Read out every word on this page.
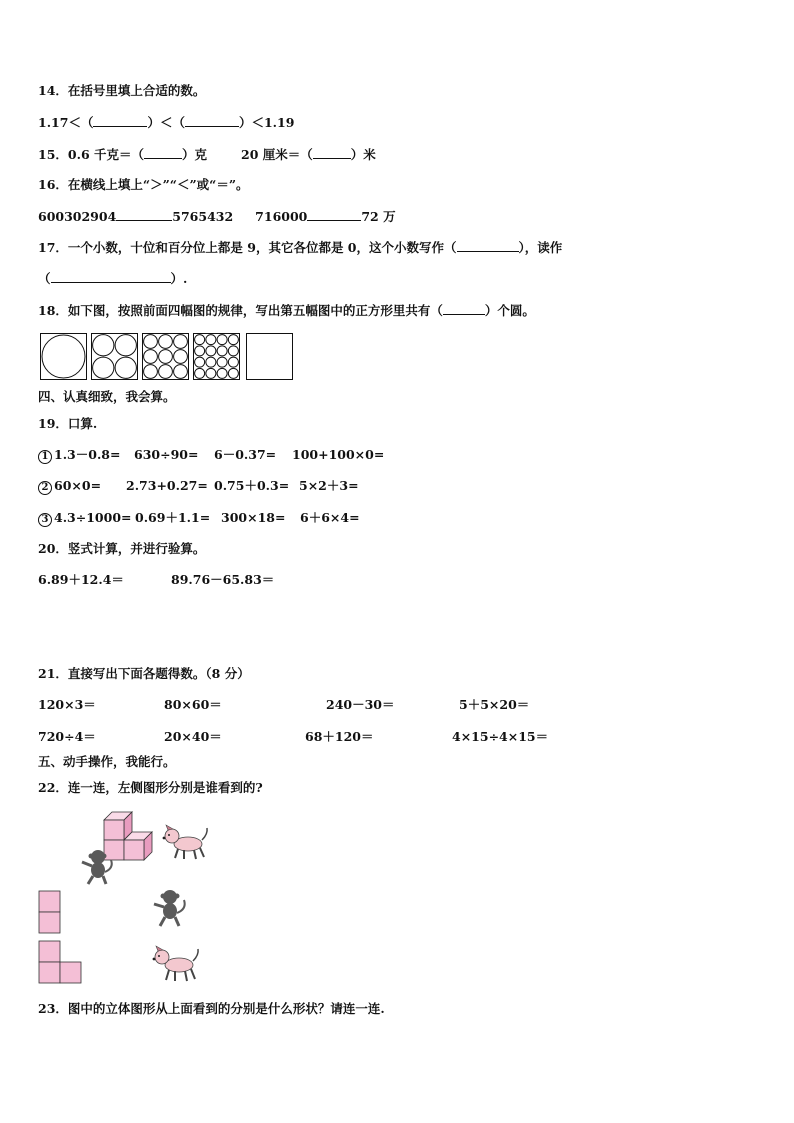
14．在括号里填上合适的数。
1.17＜（	）＜（	）＜1.19
15．0.6 千克＝（	）克	20 厘米＝（	）米
16．在横线上填上“＞”“＜”或“＝”。
600302904	5765432 716000	72 万
17．一个小数，十位和百分位上都是 9，其它各位都是 0，这个小数写作（	），读作
（	）.
18．如下图，按照前面四幅图的规律，写出第五幅图中的正方形里共有（	）个圆。
四、认真细致，我会算。
19．口算.
1 1.3－0.8= 630÷90= 6－0.37= 100+100×0=
2 60×0= 2.73+0.27= 0.75＋0.3= 5×2＋3=
3 4.3÷1000= 0.69＋1.1= 300×18= 6＋6×4=
20．竖式计算，并进行验算。
6.89＋12.4＝	89.76－65.83＝
21．直接写出下面各题得数。（8 分）
120×3＝	80×60＝	240－30＝	5＋5×20＝
720÷4＝	20×40＝	68＋120＝	4×15÷4×15＝
五、动手操作，我能行。
22．连一连，左侧图形分别是谁看到的?
23．图中的立体图形从上面看到的分别是什么形状？请连一连.
